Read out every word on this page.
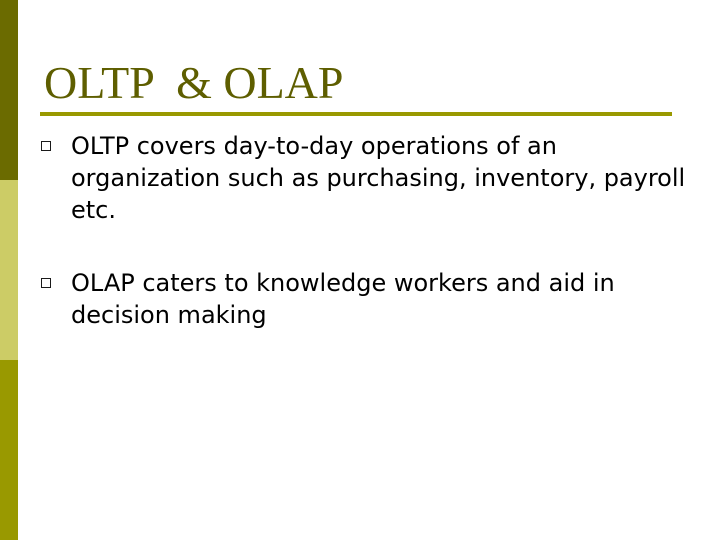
OLTP  & OLAP

OLTP covers day-to-day operations of an organization such as purchasing, inventory, payroll etc.

OLAP caters to knowledge workers and aid in decision making
